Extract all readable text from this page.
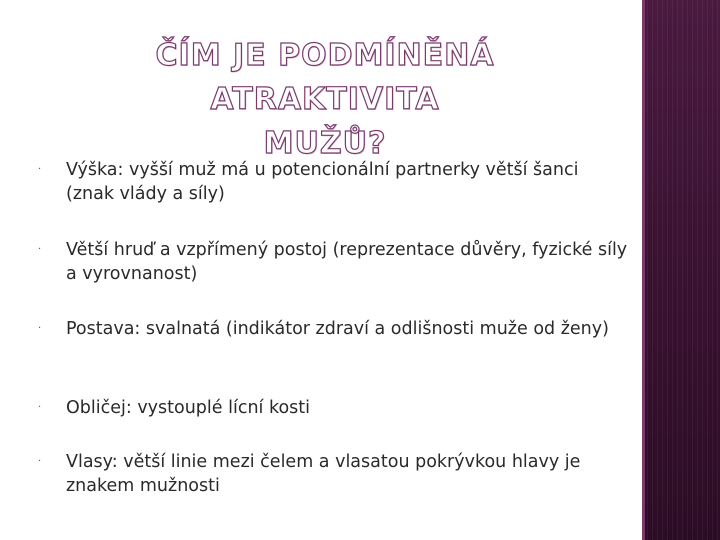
ČÍM JE PODMÍNĚNÁ ATRAKTIVITA
MUŽŮ?
· Výška: vyšší muž má u potencionální partnerky větší šanci (znak vlády a síly)
· Větší hruď a vzpřímený postoj (reprezentace důvěry, fyzické síly a vyrovnanost)
· Postava: svalnatá (indikátor zdraví a odlišnosti muže od ženy)
· Obličej: vystouplé lícní kosti
· Vlasy: větší linie mezi čelem a vlasatou pokrývkou hlavy je znakem mužnosti
